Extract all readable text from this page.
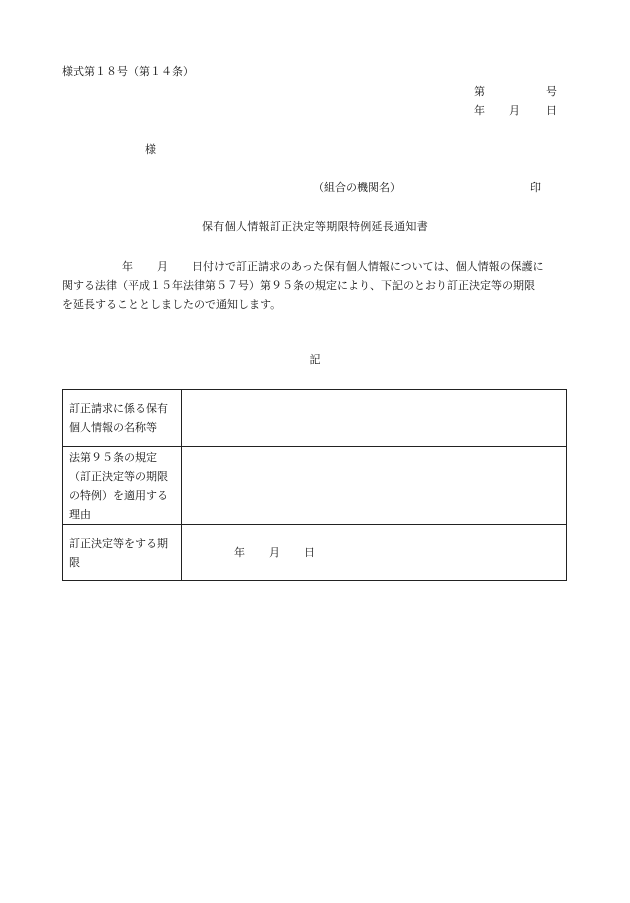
様式第１８号（第１４条）
第	号
年 月 日
様
（組合の機関名）	印
保有個人情報訂正決定等期限特例延長通知書
年 月 日付けで訂正請求のあった保有個人情報については、個人情報の保護に
関する法律（平成１５年法律第５７号）第９５条の規定により、下記のとおり訂正決定等の期限
を延長することとしましたので通知します。
記
訂正請求に係る保有
個人情報の名称等	

法第９５条の規定
（訂正決定等の期限
の特例）を適用する
理由	

訂正決定等をする期
限	年 月 日
